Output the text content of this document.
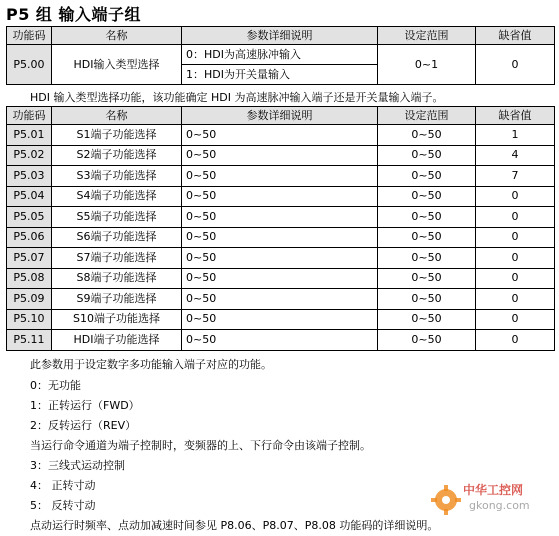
P5 组 输入端子组
功能码	名称	参数详细说明	设定范围	缺省值
P5.00	HDI输入类型选择	0：HDI为高速脉冲输入	0~1	0
		1：HDI为开关量输入		
HDI 输入类型选择功能，该功能确定 HDI 为高速脉冲输入端子还是开关量输入端子。
功能码	名称	参数详细说明	设定范围	缺省值
P5.01	S1端子功能选择	0~50	0~50	1
P5.02	S2端子功能选择	0~50	0~50	4
P5.03	S3端子功能选择	0~50	0~50	7
P5.04	S4端子功能选择	0~50	0~50	0
P5.05	S5端子功能选择	0~50	0~50	0
P5.06	S6端子功能选择	0~50	0~50	0
P5.07	S7端子功能选择	0~50	0~50	0
P5.08	S8端子功能选择	0~50	0~50	0
P5.09	S9端子功能选择	0~50	0~50	0
P5.10	S10端子功能选择	0~50	0~50	0
P5.11	HDI端子功能选择	0~50	0~50	0
此参数用于设定数字多功能输入端子对应的功能。
0：无功能
1：正转运行（FWD）
2：反转运行（REV）
当运行命令通道为端子控制时，变频器的上、下行命令由该端子控制。
3：三线式运动控制
4： 正转寸动
5： 反转寸动
点动运行时频率、点动加减速时间参见 P8.06、P8.07、P8.08 功能码的详细说明。
中华工控网
gkong.com
